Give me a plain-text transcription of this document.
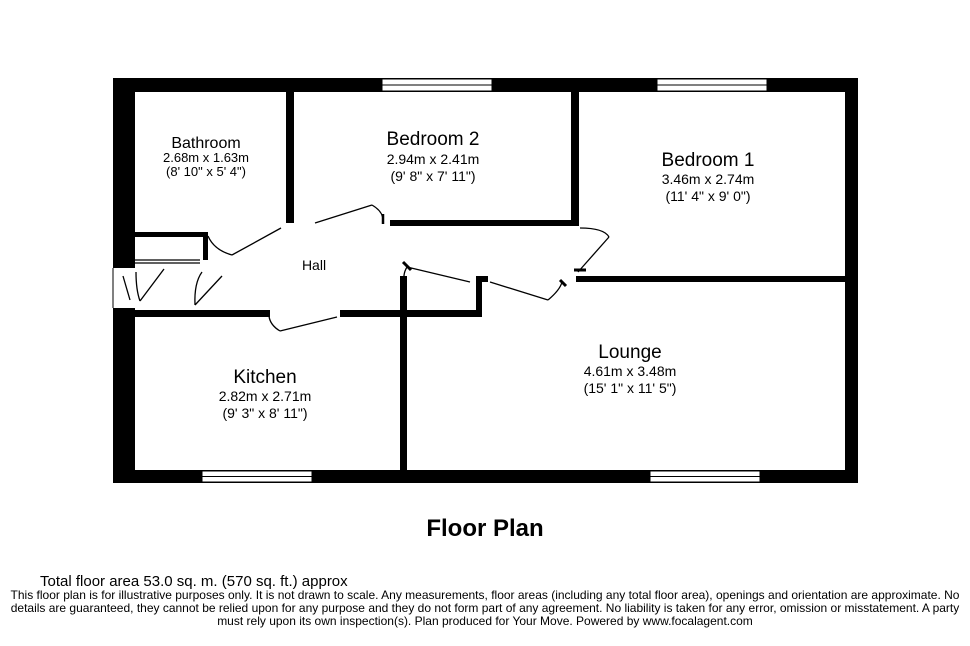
Bathroom
2.68m x 1.63m
(8' 10" x 5' 4")
Bedroom 2
2.94m x 2.41m
(9' 8" x 7' 11")
Bedroom 1
3.46m x 2.74m
(11' 4" x 9' 0")
Hall
Kitchen
2.82m x 2.71m
(9' 3" x 8' 11")
Lounge
4.61m x 3.48m
(15' 1" x 11' 5")
Floor Plan
Total floor area 53.0 sq. m. (570 sq. ft.) approx
This floor plan is for illustrative purposes only. It is not drawn to scale. Any measurements, floor areas (including any total floor area), openings and orientation are approximate. No details are guaranteed, they cannot be relied upon for any purpose and they do not form part of any agreement. No liability is taken for any error, omission or misstatement. A party must rely upon its own inspection(s). Plan produced for Your Move. Powered by www.focalagent.com
